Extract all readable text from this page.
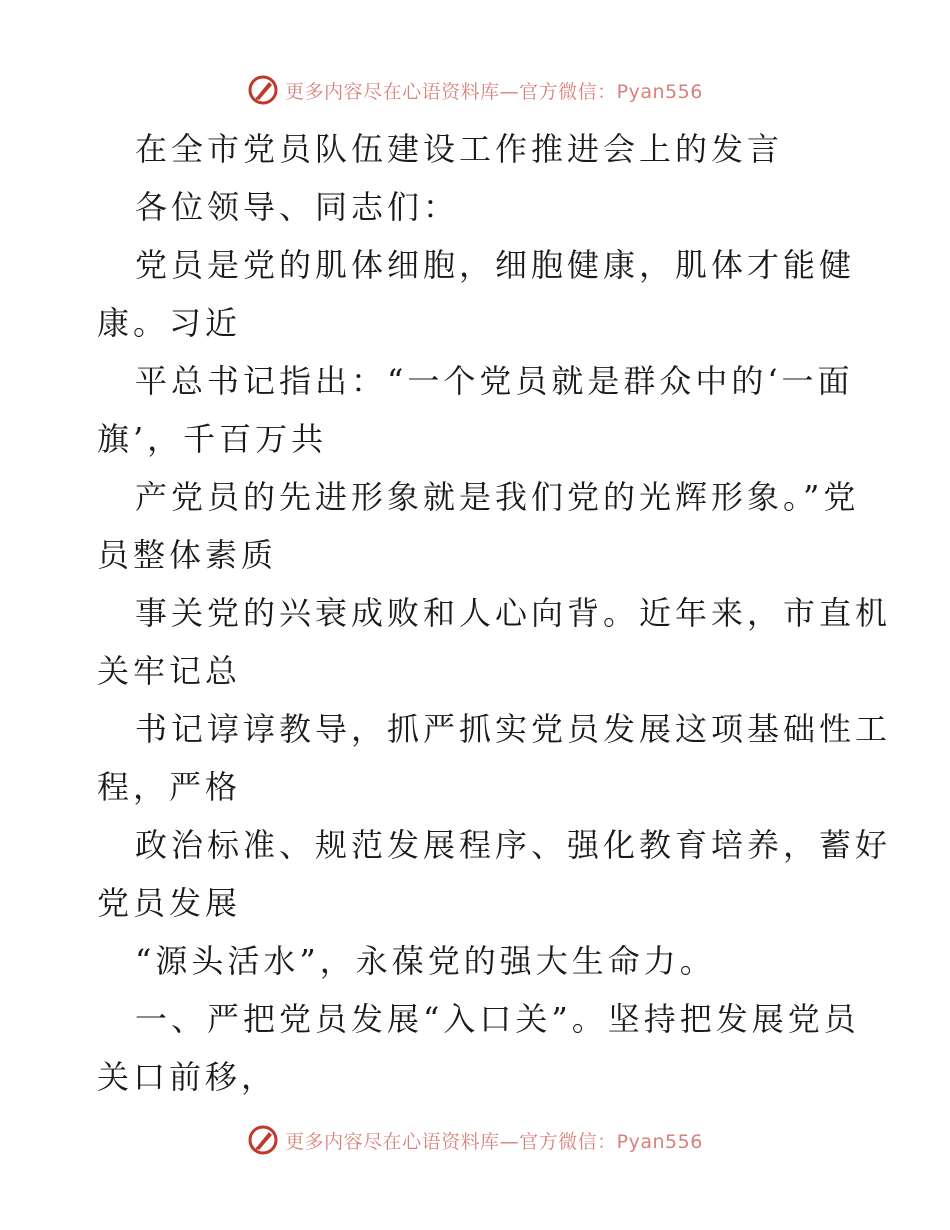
更多内容尽在心语资料库—官方微信：Pyan556
在全市党员队伍建设工作推进会上的发言
各位领导、同志们：
党员是党的肌体细胞，细胞健康，肌体才能健
康。习近
平总书记指出：“一个党员就是群众中的‘一面
旗’，千百万共
产党员的先进形象就是我们党的光辉形象。”党
员整体素质
事关党的兴衰成败和人心向背。近年来，市直机
关牢记总
书记谆谆教导，抓严抓实党员发展这项基础性工
程，严格
政治标准、规范发展程序、强化教育培养，蓄好
党员发展
“源头活水”，永葆党的强大生命力。
一、严把党员发展“入口关”。坚持把发展党员
关口前移，
更多内容尽在心语资料库—官方微信：Pyan556
